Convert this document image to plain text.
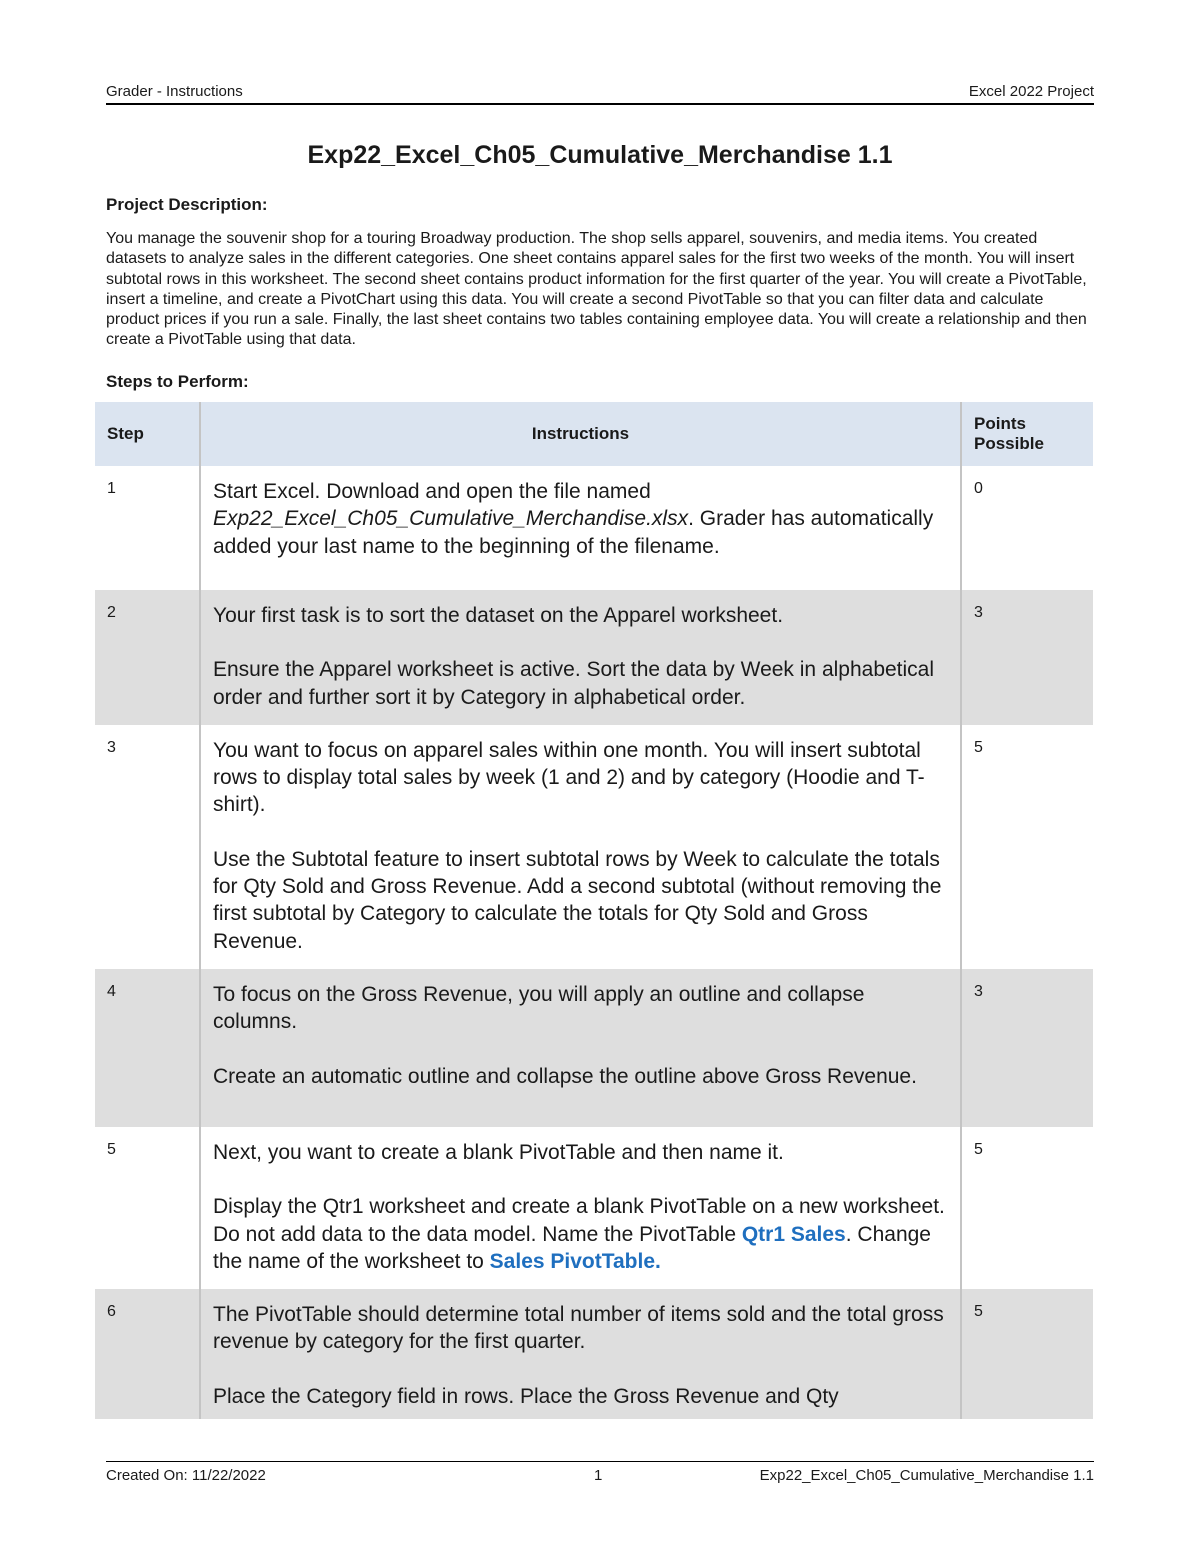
Grader - Instructions	Excel 2022 Project
Exp22_Excel_Ch05_Cumulative_Merchandise 1.1
Project Description:
You manage the souvenir shop for a touring Broadway production. The shop sells apparel, souvenirs, and media items. You created datasets to analyze sales in the different categories. One sheet contains apparel sales for the first two weeks of the month. You will insert subtotal rows in this worksheet. The second sheet contains product information for the first quarter of the year. You will create a PivotTable, insert a timeline, and create a PivotChart using this data. You will create a second PivotTable so that you can filter data and calculate product prices if you run a sale. Finally, the last sheet contains two tables containing employee data. You will create a relationship and then create a PivotTable using that data.
Steps to Perform:
Step	Instructions	Points
Possible
1	Start Excel. Download and open the file named Exp22_Excel_Ch05_Cumulative_Merchandise.xlsx. Grader has automatically added your last name to the beginning of the filename.	0
2	Your first task is to sort the dataset on the Apparel worksheet.

Ensure the Apparel worksheet is active. Sort the data by Week in alphabetical order and further sort it by Category in alphabetical order.	3
3	You want to focus on apparel sales within one month. You will insert subtotal rows to display total sales by week (1 and 2) and by category (Hoodie and T-shirt).

Use the Subtotal feature to insert subtotal rows by Week to calculate the totals for Qty Sold and Gross Revenue. Add a second subtotal (without removing the first subtotal by Category to calculate the totals for Qty Sold and Gross Revenue.	5
4	To focus on the Gross Revenue, you will apply an outline and collapse columns.

Create an automatic outline and collapse the outline above Gross Revenue.	3
5	Next, you want to create a blank PivotTable and then name it.

Display the Qtr1 worksheet and create a blank PivotTable on a new worksheet. Do not add data to the data model. Name the PivotTable Qtr1 Sales. Change the name of the worksheet to Sales PivotTable.	5
6	The PivotTable should determine total number of items sold and the total gross revenue by category for the first quarter.

Place the Category field in rows. Place the Gross Revenue and Qty	5
Created On: 11/22/2022	1	Exp22_Excel_Ch05_Cumulative_Merchandise 1.1
